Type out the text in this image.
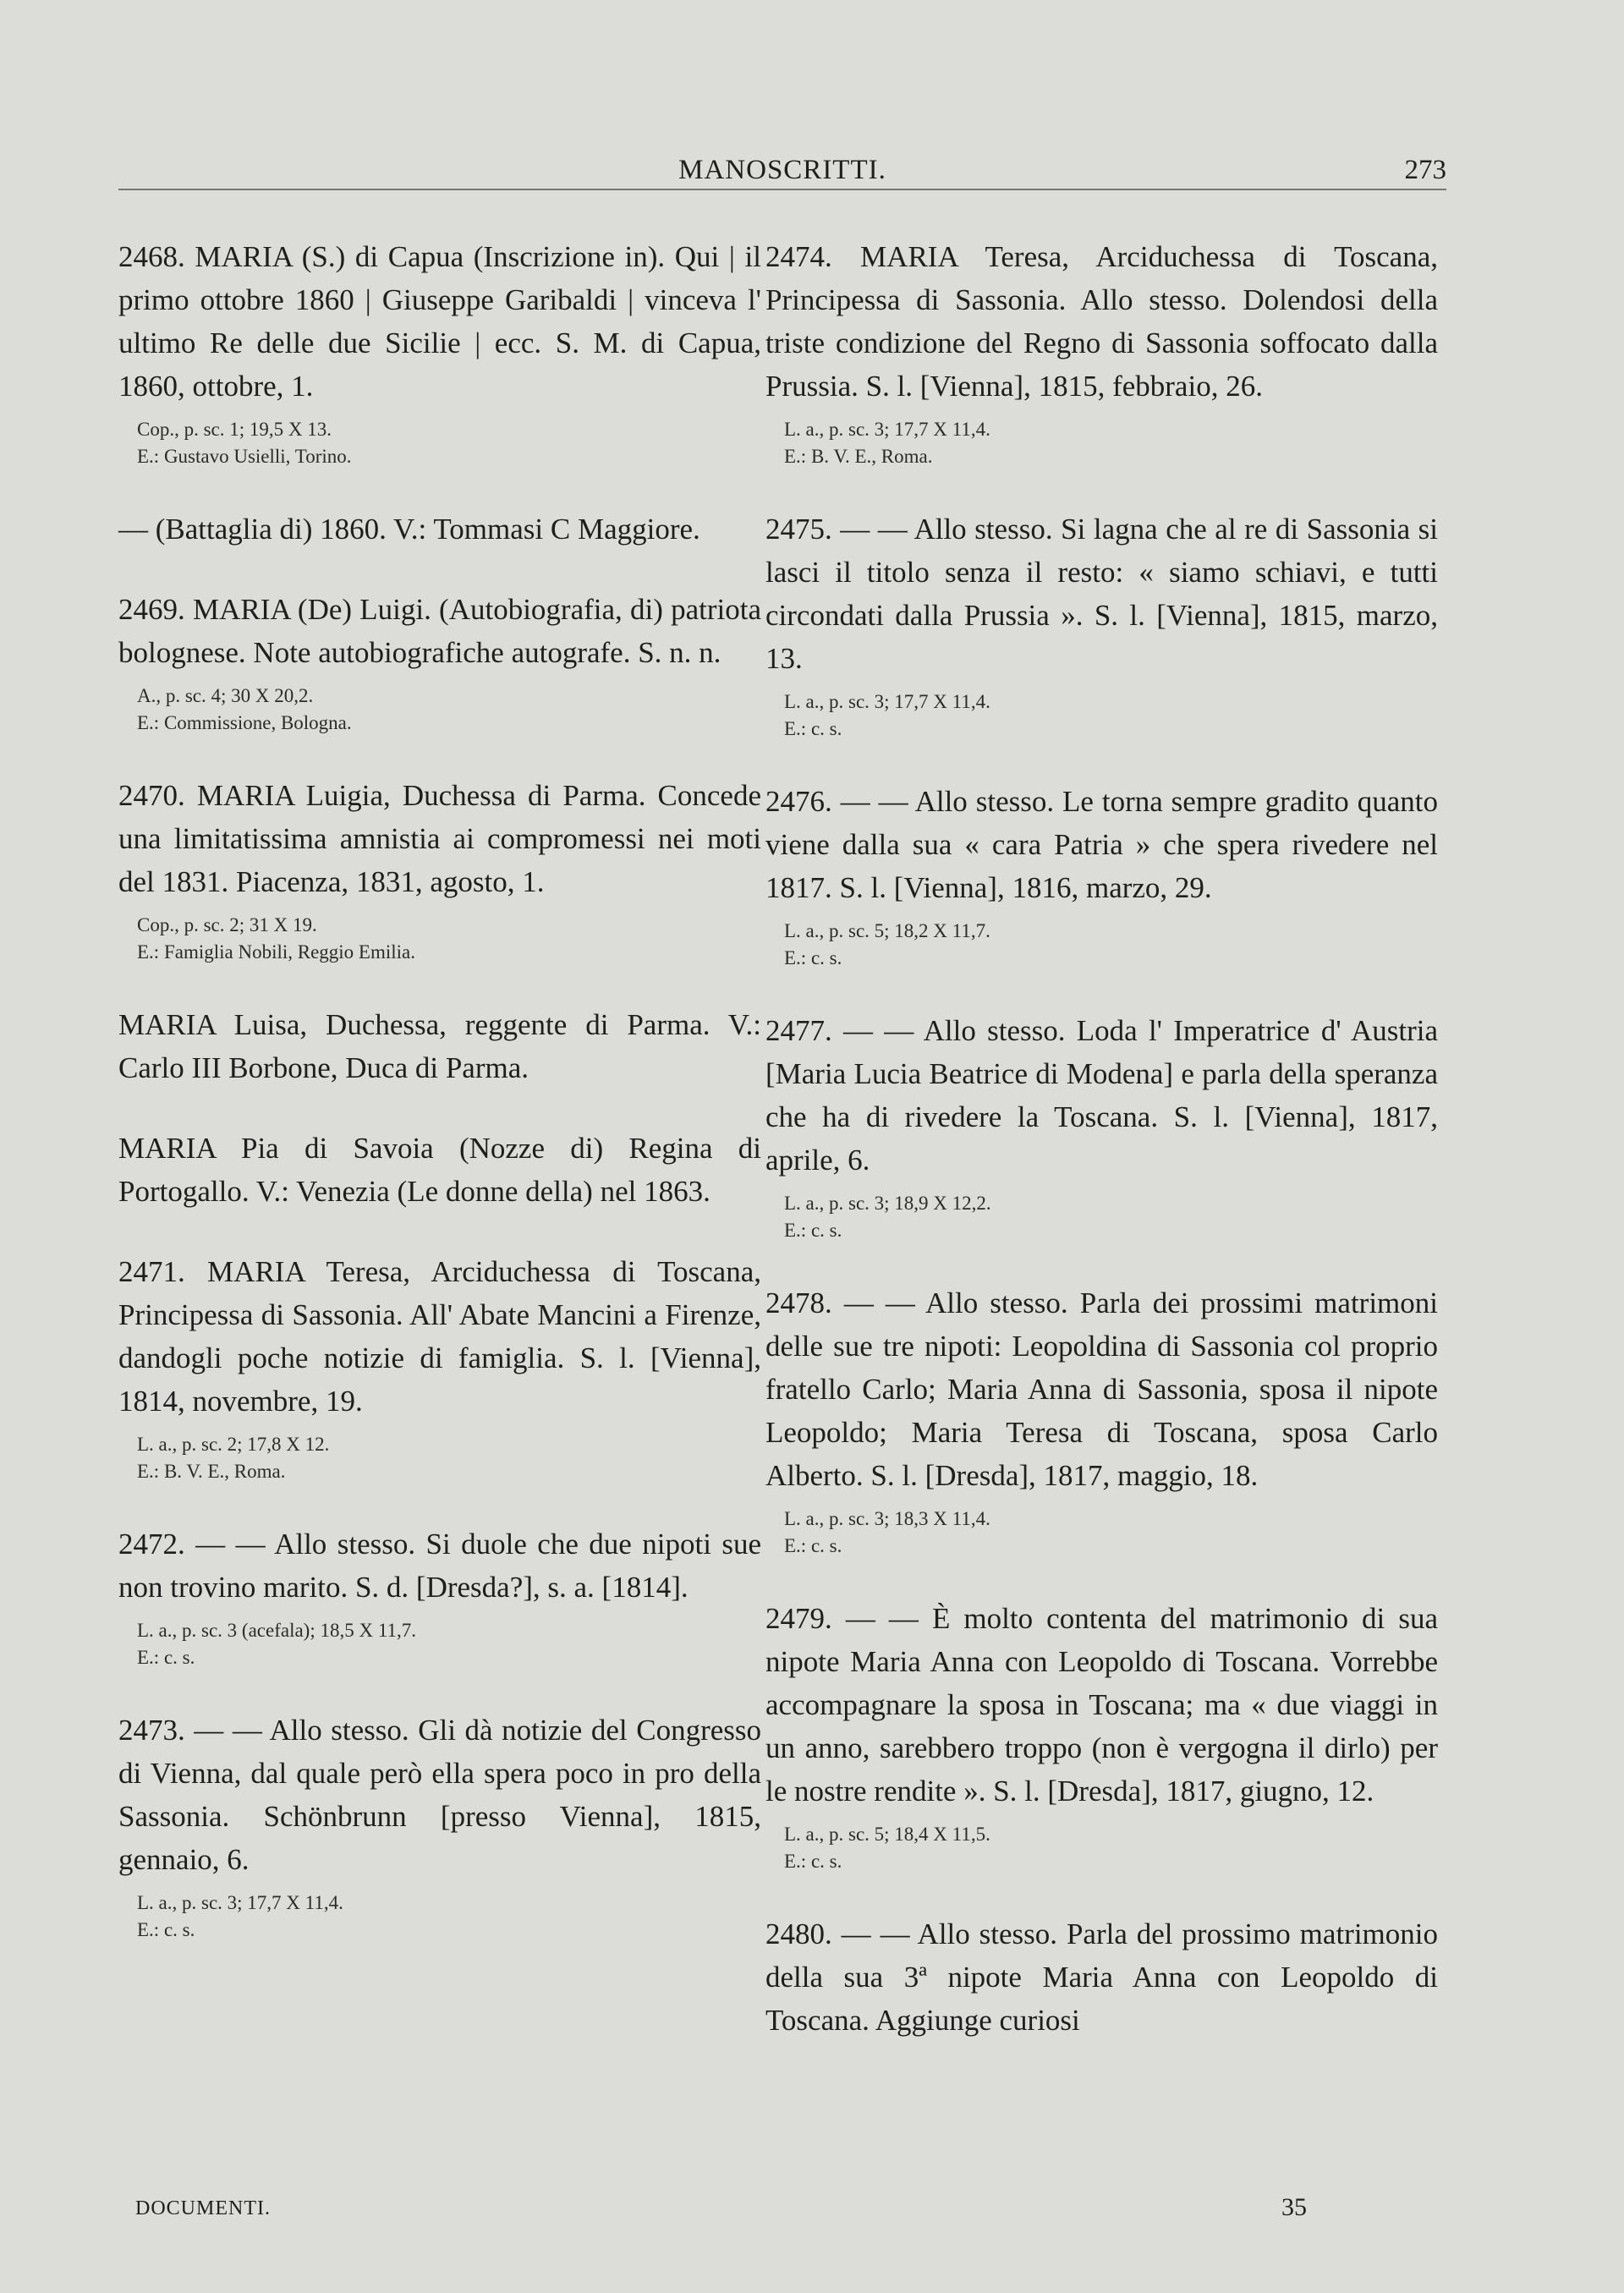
MANOSCRITTI.	273

2468. MARIA (S.) di Capua (Inscrizione in). Qui | il primo ottobre 1860 | Giuseppe Garibaldi | vinceva l' ultimo Re delle due Sicilie | ecc. S. M. di Capua, 1860, ottobre, 1.

Cop., p. sc. 1; 19,5 X 13.
E.: Gustavo Usielli, Torino.

— (Battaglia di) 1860. V.: Tommasi C Maggiore.

2469. MARIA (De) Luigi. (Autobiografia, di) patriota bolognese. Note autobiografiche autografe. S. n. n.

A., p. sc. 4; 30 X 20,2.
E.: Commissione, Bologna.

2470. MARIA Luigia, Duchessa di Parma. Concede una limitatissima amnistia ai compromessi nei moti del 1831. Piacenza, 1831, agosto, 1.

Cop., p. sc. 2; 31 X 19.
E.: Famiglia Nobili, Reggio Emilia.

MARIA Luisa, Duchessa, reggente di Parma. V.: Carlo III Borbone, Duca di Parma.

MARIA Pia di Savoia (Nozze di) Regina di Portogallo. V.: Venezia (Le donne della) nel 1863.

2471. MARIA Teresa, Arciduchessa di Toscana, Principessa di Sassonia. All' Abate Mancini a Firenze, dandogli poche notizie di famiglia. S. l. [Vienna], 1814, novembre, 19.

L. a., p. sc. 2; 17,8 X 12.
E.: B. V. E., Roma.

2472. — — Allo stesso. Si duole che due nipoti sue non trovino marito. S. d. [Dresda?], s. a. [1814].

L. a., p. sc. 3 (acefala); 18,5 X 11,7.
E.: c. s.

2473. — — Allo stesso. Gli dà notizie del Congresso di Vienna, dal quale però ella spera poco in pro della Sassonia. Schönbrunn [presso Vienna], 1815, gennaio, 6.

L. a., p. sc. 3; 17,7 X 11,4.
E.: c. s.

2474. MARIA Teresa, Arciduchessa di Toscana, Principessa di Sassonia. Allo stesso. Dolendosi della triste condizione del Regno di Sassonia soffocato dalla Prussia. S. l. [Vienna], 1815, febbraio, 26.

L. a., p. sc. 3; 17,7 X 11,4.
E.: B. V. E., Roma.

2475. — — Allo stesso. Si lagna che al re di Sassonia si lasci il titolo senza il resto: « siamo schiavi, e tutti circondati dalla Prussia ». S. l. [Vienna], 1815, marzo, 13.

L. a., p. sc. 3; 17,7 X 11,4.
E.: c. s.

2476. — — Allo stesso. Le torna sempre gradito quanto viene dalla sua « cara Patria » che spera rivedere nel 1817. S. l. [Vienna], 1816, marzo, 29.

L. a., p. sc. 5; 18,2 X 11,7.
E.: c. s.

2477. — — Allo stesso. Loda l' Imperatrice d' Austria [Maria Lucia Beatrice di Modena] e parla della speranza che ha di rivedere la Toscana. S. l. [Vienna], 1817, aprile, 6.

L. a., p. sc. 3; 18,9 X 12,2.
E.: c. s.

2478. — — Allo stesso. Parla dei prossimi matrimoni delle sue tre nipoti: Leopoldina di Sassonia col proprio fratello Carlo; Maria Anna di Sassonia, sposa il nipote Leopoldo; Maria Teresa di Toscana, sposa Carlo Alberto. S. l. [Dresda], 1817, maggio, 18.

L. a., p. sc. 3; 18,3 X 11,4.
E.: c. s.

2479. — — È molto contenta del matrimonio di sua nipote Maria Anna con Leopoldo di Toscana. Vorrebbe accompagnare la sposa in Toscana; ma « due viaggi in un anno, sarebbero troppo (non è vergogna il dirlo) per le nostre rendite ». S. l. [Dresda], 1817, giugno, 12.

L. a., p. sc. 5; 18,4 X 11,5.
E.: c. s.

2480. — — Allo stesso. Parla del prossimo matrimonio della sua 3ª nipote Maria Anna con Leopoldo di Toscana. Aggiunge curiosi

DOCUMENTI.	35
